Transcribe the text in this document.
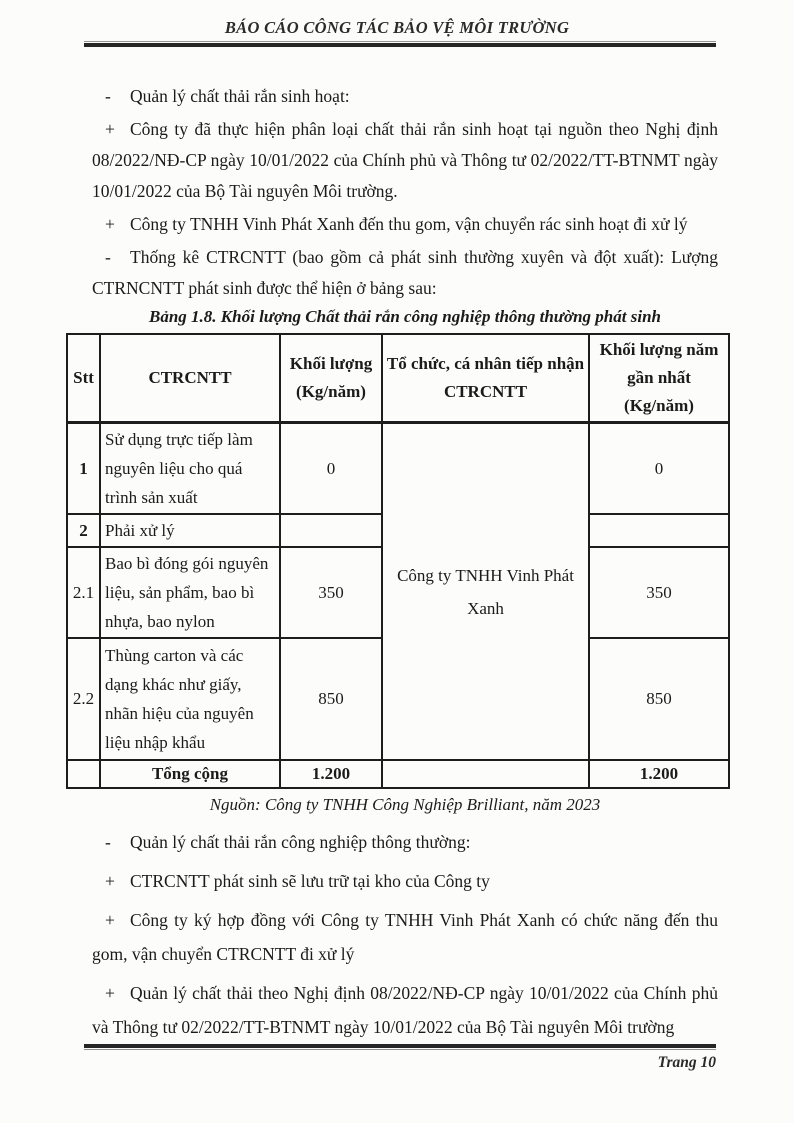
BÁO CÁO CÔNG TÁC BẢO VỆ MÔI TRƯỜNG

- Quản lý chất thải rắn sinh hoạt:

+ Công ty đã thực hiện phân loại chất thải rắn sinh hoạt tại nguồn theo Nghị định 08/2022/NĐ-CP ngày 10/01/2022 của Chính phủ và Thông tư 02/2022/TT-BTNMT ngày 10/01/2022 của Bộ Tài nguyên Môi trường.

+ Công ty TNHH Vinh Phát Xanh đến thu gom, vận chuyển rác sinh hoạt đi xử lý

- Thống kê CTRCNTT (bao gồm cả phát sinh thường xuyên và đột xuất): Lượng CTRNCNTT phát sinh được thể hiện ở bảng sau:

Bảng 1.8. Khối lượng Chất thải rắn công nghiệp thông thường phát sinh
Stt	CTRCNTT	Khối lượng (Kg/năm)	Tổ chức, cá nhân tiếp nhận CTRCNTT	Khối lượng năm gần nhất (Kg/năm)
1	Sử dụng trực tiếp làm nguyên liệu cho quá trình sản xuất	0	Công ty TNHH Vinh Phát Xanh	0
2	Phải xử lý			
2.1	Bao bì đóng gói nguyên liệu, sản phẩm, bao bì nhựa, bao nylon	350		350
2.2	Thùng carton và các dạng khác như giấy, nhãn hiệu của nguyên liệu nhập khẩu	850		850
	Tổng cộng	1.200		1.200
Nguồn: Công ty TNHH Công Nghiệp Brilliant, năm 2023

- Quản lý chất thải rắn công nghiệp thông thường:

+ CTRCNTT phát sinh sẽ lưu trữ tại kho của Công ty

+ Công ty ký hợp đồng với Công ty TNHH Vinh Phát Xanh có chức năng đến thu gom, vận chuyển CTRCNTT đi xử lý

+ Quản lý chất thải theo Nghị định 08/2022/NĐ-CP ngày 10/01/2022 của Chính phủ và Thông tư 02/2022/TT-BTNMT ngày 10/01/2022 của Bộ Tài nguyên Môi trường

Trang 10
